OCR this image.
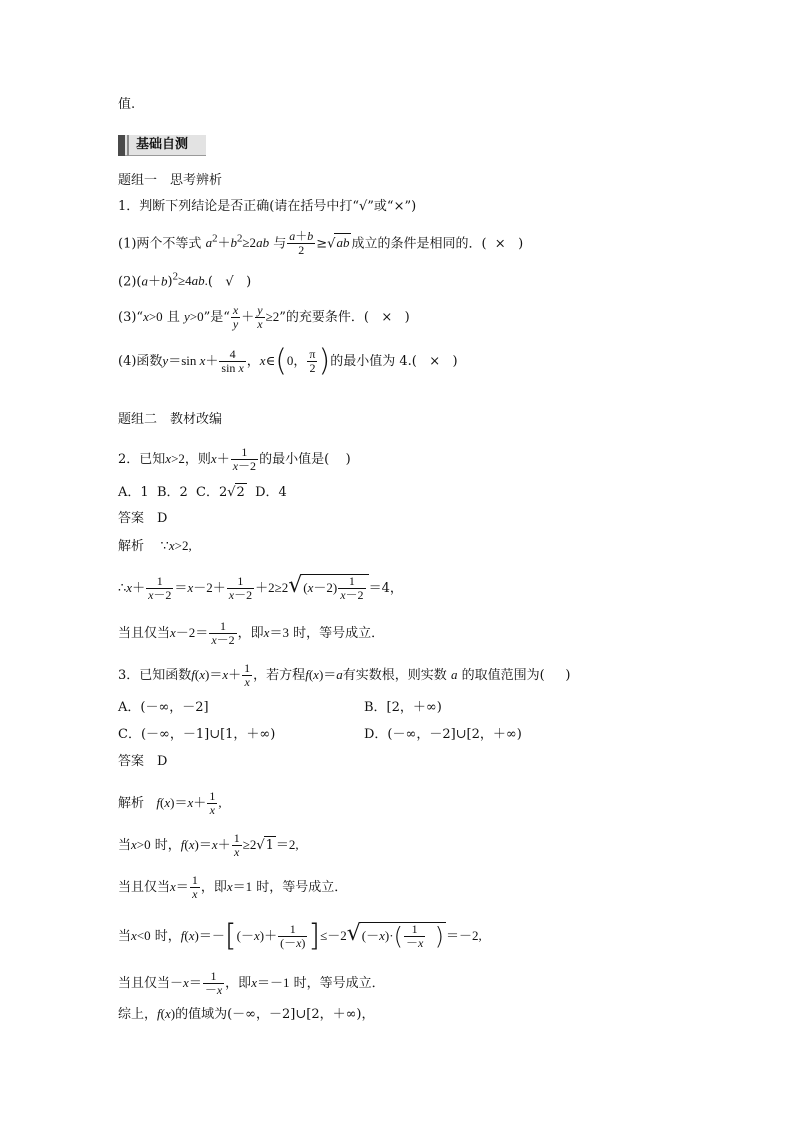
值.
基础自测
题组一　思考辨析
1．判断下列结论是否正确(请在括号中打“√”或“×”)
(1)两个不等式 $a^2+b^2\ge 2ab$ 与 $\frac{a+b}{2} \ge√ab$ 成立的条件是相同的．( × )
$(2)(a+b)^2\ge 4ab$.(   √ )
(3)“x>0 且 y>0”是“ $\frac{x}{y} + \frac{y}{x} \ge 2$”的充要条件．( × )
(4)函数y＝sin $x+ \frac{4}{\text{sin x}}$ ，x∈(0， $\frac{\pi}{2}$ )的最小值为 4.( × )
题组二　教材改编
2．已知x>2，则$x+ \frac{1}{x-2}$ 的最小值是( )
A．1 B．2 C．2√2 D．4
答案　D
解析 ∵x>2,
∴x＋ $\frac{1}{x-2} =x-2+ \frac{1}{x-2} +2\ge 2√(x-2) \frac{1}{x-2} =4$，
当且仅当$x-2= \frac{1}{x-2}$ ，即x＝3 时，等号成立．
3．已知函数$f(x)=x+ \frac{1}{x}$ ，若方程f(x)＝a有实数根，则实数 a 的取值范围为( )
A．(－∞，－2]	B．[2，＋∞)
C．(－∞，－1]∪[1，＋∞)	D．(－∞，－2]∪[2，＋∞)
答案　D
解析 $f(x)=x+ \frac{1}{x}$ ,
当x>0 时，$f(x)=x+ \frac{1}{x} \ge 2√1 =2$,
当且仅当$x= \frac{1}{x}$ ，即x＝1 时，等号成立．
当x<0 时，$f(x)=-[(-x)+ \frac{1}{(-x)} ]\le-2√(-x)\cdot( \frac{1}{-x}$ ) ＝－2,
当且仅当$-x= \frac{1}{-x}$ ，即x＝－1 时，等号成立．
综上，f(x)的值域为(－∞，－2]∪[2，＋∞)，
